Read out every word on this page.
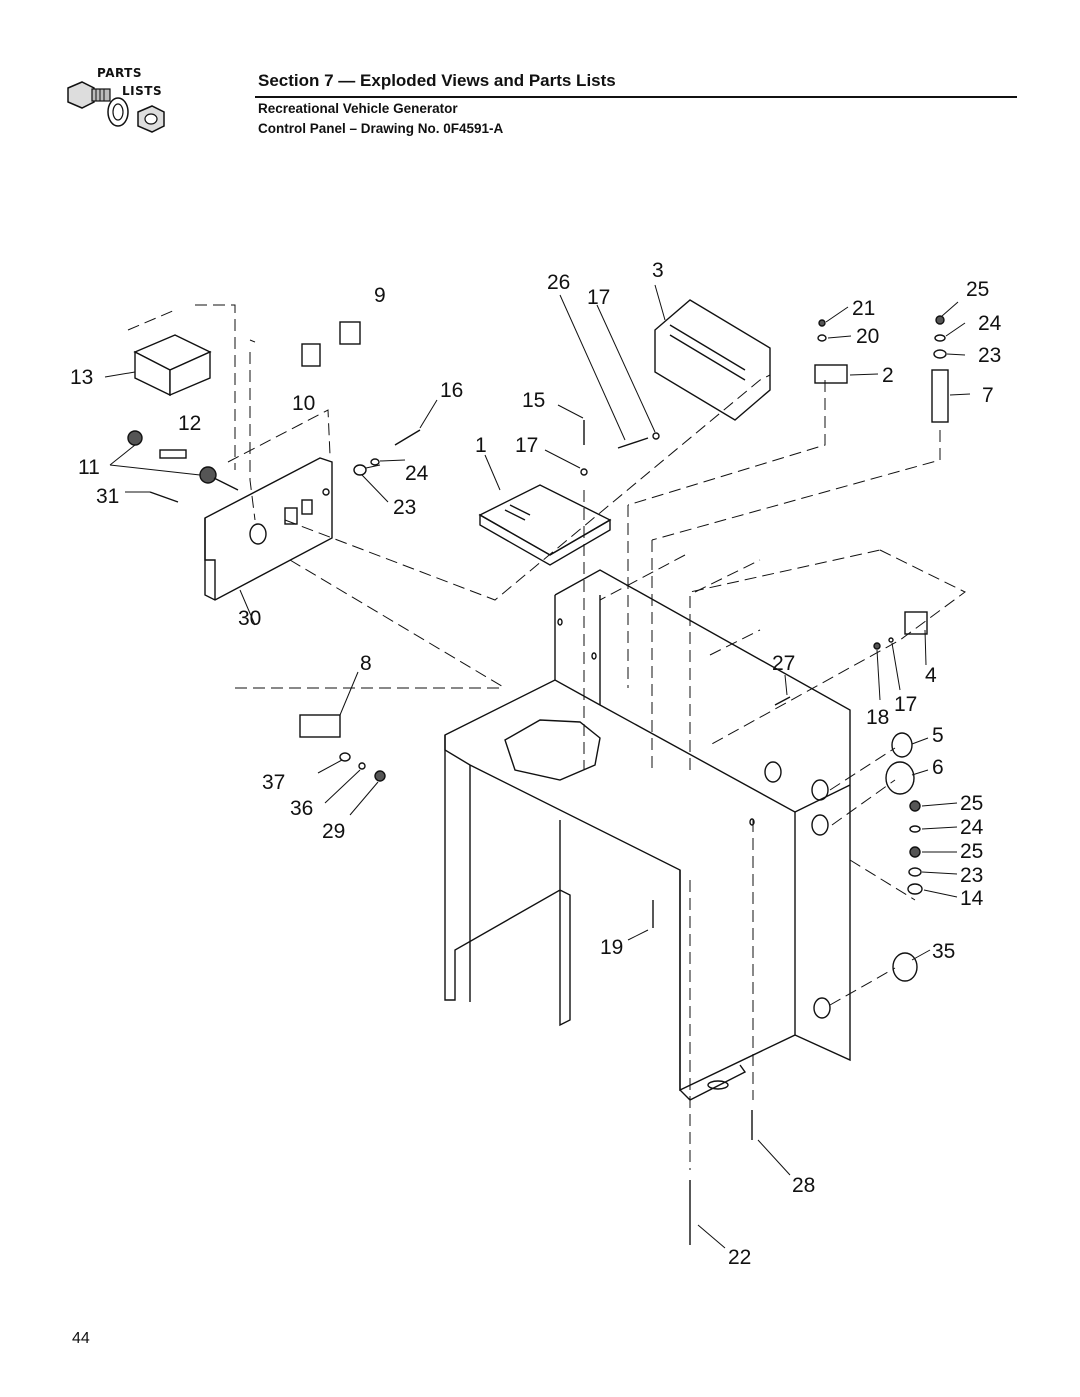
PARTS
LISTS
Section 7 — Exploded Views and Parts Lists
Recreational Vehicle Generator
Control Panel – Drawing No. 0F4591-A
13
12
11
31
10
9
16
24
23
30
8
37
36
29
26
17
3
15
1 17
21
20
2
25
24
23
7
27
4
18
17
5
6
25
24
25
23
14
19	35
28
22
44
